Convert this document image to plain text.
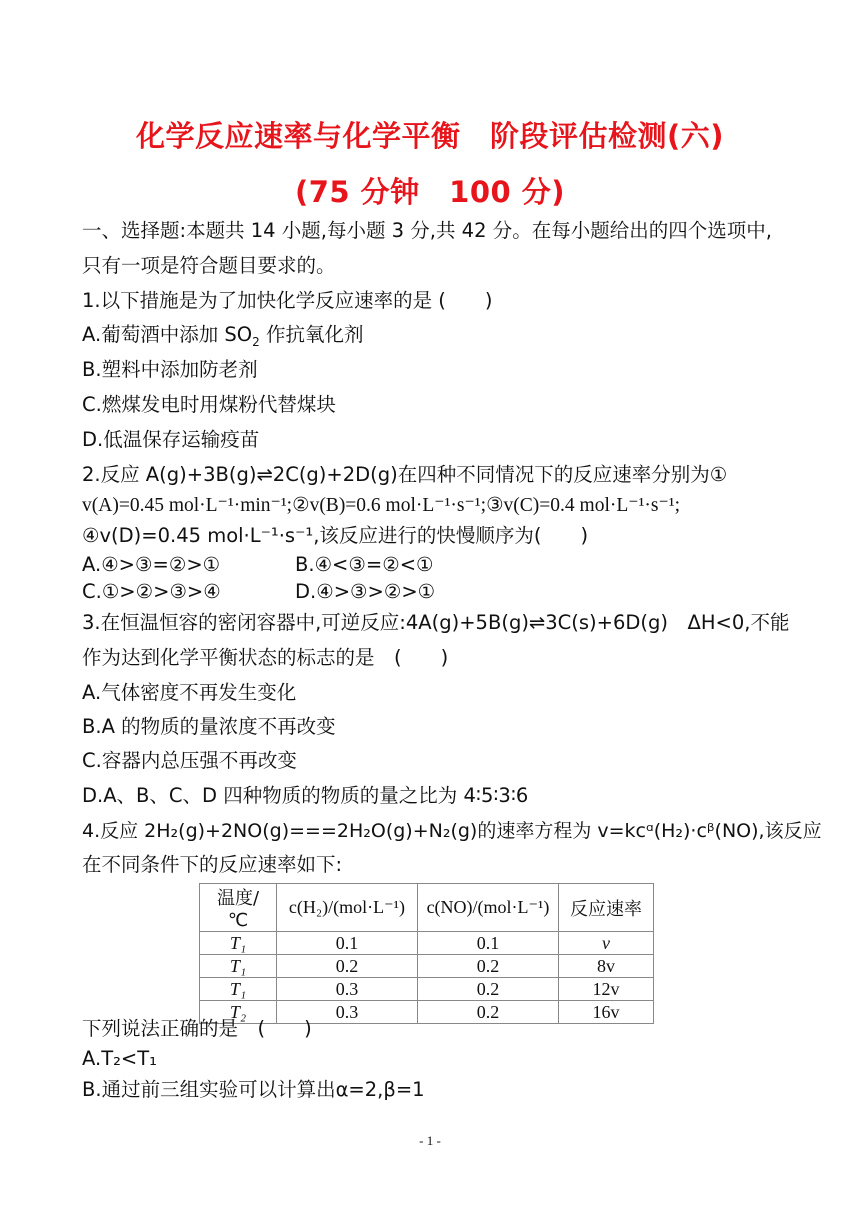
化学反应速率与化学平衡　阶段评估检测(六)
(75 分钟　100 分)
一、选择题:本题共 14 小题,每小题 3 分,共 42 分。在每小题给出的四个选项中,
只有一项是符合题目要求的。
1.以下措施是为了加快化学反应速率的是 (　　)
A.葡萄酒中添加 $SO_2$ 作抗氧化剂
B.塑料中添加防老剂
C.燃煤发电时用煤粉代替煤块
D.低温保存运输疫苗
2.反应 A(g)+3B(g)⇌2C(g)+2D(g)在四种不同情况下的反应速率分别为①
v(A)=0.45 mol·L⁻¹·min⁻¹;②v(B)=0.6 mol·L⁻¹·s⁻¹;③v(C)=0.4 mol·L⁻¹·s⁻¹;
④v(D)=0.45 mol·L⁻¹·s⁻¹,该反应进行的快慢顺序为(　　)
A.④>③=②>①	B.④<③=②<①
C.①>②>③>④	D.④>③>②>①
3.在恒温恒容的密闭容器中,可逆反应:4A(g)+5B(g)⇌3C(s)+6D(g)　ΔH<0,不能
作为达到化学平衡状态的标志的是　(　　)
A.气体密度不再发生变化
B.A 的物质的量浓度不再改变
C.容器内总压强不再改变
D.A、B、C、D 四种物质的物质的量之比为 4∶5∶3∶6
4.反应 2H₂(g)+2NO(g)===2H₂O(g)+N₂(g)的速率方程为 v=kcᵅ(H₂)·cᵝ(NO),该反应
在不同条件下的反应速率如下:
温度/ ℃	c(H₂)/(mol·L⁻¹)	c(NO)/(mol·L⁻¹)	反应速率
T₁	0.1	0.1	v
T₁	0.2	0.2	8v
T₁	0.3	0.2	12v
T₂	0.3	0.2	16v
下列说法正确的是　(　　)
A.T₂<T₁
B.通过前三组实验可以计算出α=2,β=1
- 1 -
